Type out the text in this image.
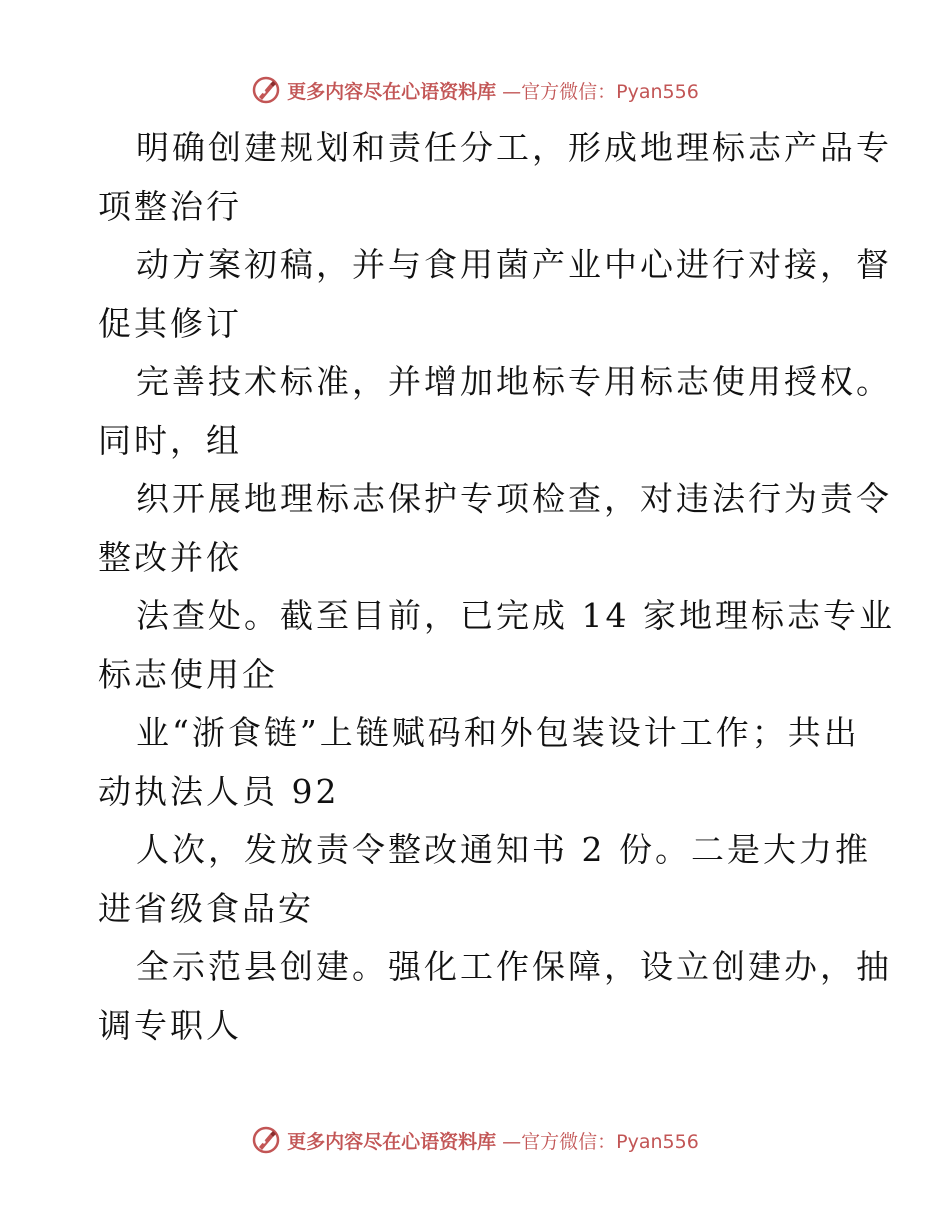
更多内容尽在心语资料库 —官方微信：Pyan556
明确创建规划和责任分工，形成地理标志产品专
项整治行
动方案初稿，并与食用菌产业中心进行对接，督
促其修订
完善技术标准，并增加地标专用标志使用授权。
同时，组
织开展地理标志保护专项检查，对违法行为责令
整改并依
法查处。截至目前，已完成 14 家地理标志专业
标志使用企
业“浙食链”上链赋码和外包装设计工作；共出
动执法人员 92
人次，发放责令整改通知书 2 份。二是大力推
进省级食品安
全示范县创建。强化工作保障，设立创建办，抽
调专职人
更多内容尽在心语资料库 —官方微信：Pyan556
